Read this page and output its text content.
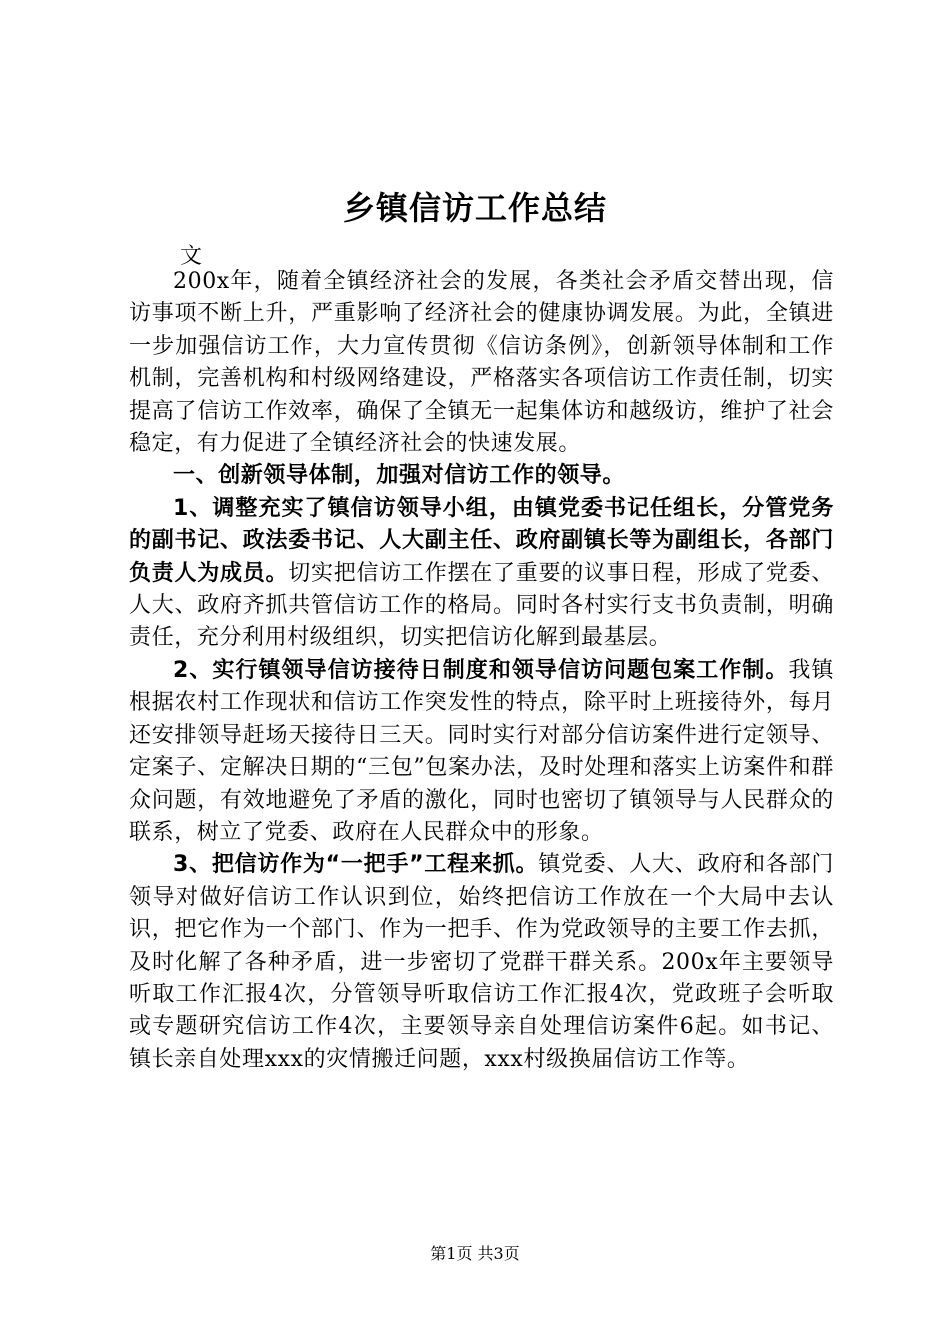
乡镇信访工作总结
文

200x年，随着全镇经济社会的发展，各类社会矛盾交替出现，信访事项不断上升，严重影响了经济社会的健康协调发展。为此，全镇进一步加强信访工作，大力宣传贯彻《信访条例》，创新领导体制和工作机制，完善机构和村级网络建设，严格落实各项信访工作责任制，切实提高了信访工作效率，确保了全镇无一起集体访和越级访，维护了社会稳定，有力促进了全镇经济社会的快速发展。

一、创新领导体制，加强对信访工作的领导。

1、调整充实了镇信访领导小组，由镇党委书记任组长，分管党务的副书记、政法委书记、人大副主任、政府副镇长等为副组长，各部门负责人为成员。切实把信访工作摆在了重要的议事日程，形成了党委、人大、政府齐抓共管信访工作的格局。同时各村实行支书负责制，明确责任，充分利用村级组织，切实把信访化解到最基层。

2、实行镇领导信访接待日制度和领导信访问题包案工作制。我镇根据农村工作现状和信访工作突发性的特点，除平时上班接待外，每月还安排领导赶场天接待日三天。同时实行对部分信访案件进行定领导、定案子、定解决日期的“三包”包案办法，及时处理和落实上访案件和群众问题，有效地避免了矛盾的激化，同时也密切了镇领导与人民群众的联系，树立了党委、政府在人民群众中的形象。

3、把信访作为“一把手”工程来抓。镇党委、人大、政府和各部门领导对做好信访工作认识到位，始终把信访工作放在一个大局中去认识，把它作为一个部门、作为一把手、作为党政领导的主要工作去抓，及时化解了各种矛盾，进一步密切了党群干群关系。200x年主要领导听取工作汇报4次，分管领导听取信访工作汇报4次，党政班子会听取或专题研究信访工作4次，主要领导亲自处理信访案件6起。如书记、镇长亲自处理xxx的灾情搬迁问题，xxx村级换届信访工作等。

第1页 共3页
